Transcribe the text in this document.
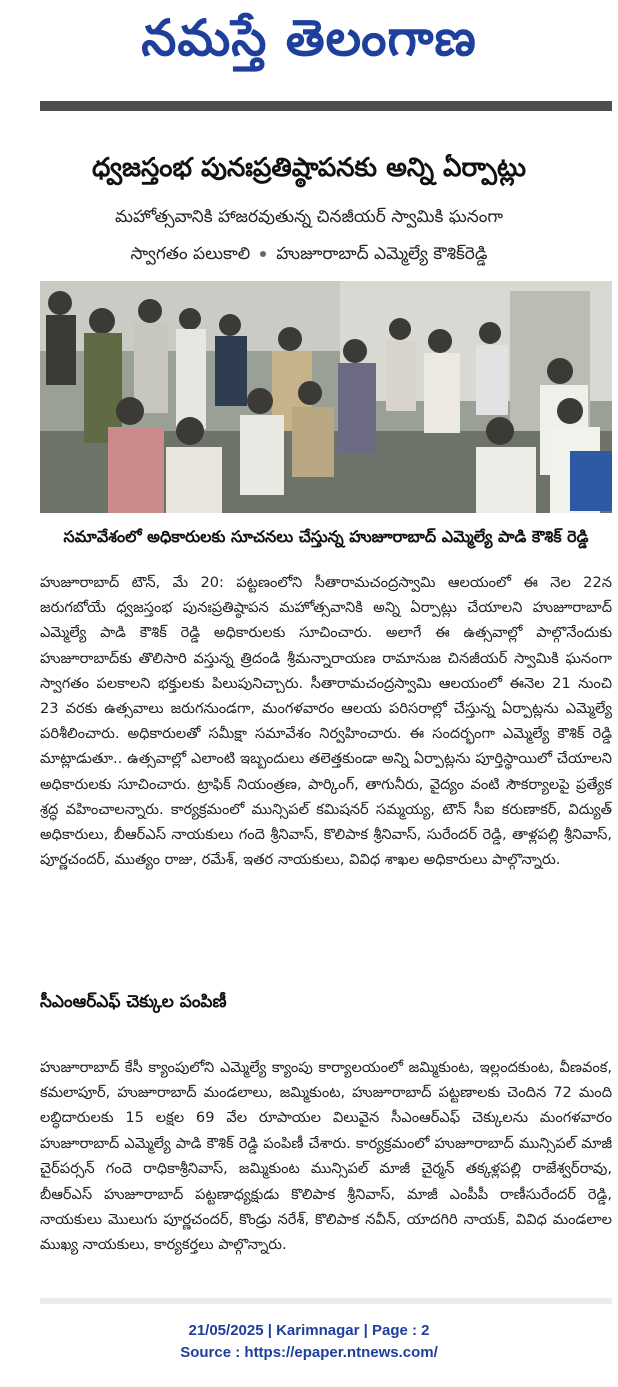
నమస్తే తెలంగాణ
ధ్వజస్తంభ పునఃప్రతిష్ఠాపనకు అన్ని ఏర్పాట్లు
మహోత్సవానికి హాజరవుతున్న చినజీయర్ స్వామికి ఘనంగా
స్వాగతం పలుకాలి హుజూరాబాద్ ఎమ్మెల్యే కౌశిక్‌రెడ్డి
సమావేశంలో అధికారులకు సూచనలు చేస్తున్న హుజూరాబాద్ ఎమ్మెల్యే పాడి కౌశిక్ రెడ్డి

హుజూరాబాద్ టౌన్, మే 20: పట్టణంలోని సీతారామచంద్రస్వామి ఆలయంలో ఈ నెల 22న జరుగబోయే ధ్వజస్తంభ పునఃప్రతిష్ఠాపన మహోత్సవానికి అన్ని ఏర్పాట్లు చేయాలని హుజూరాబాద్ ఎమ్మెల్యే పాడి కౌశిక్ రెడ్డి అధికారులకు సూచించారు. అలాగే ఈ ఉత్సవాల్లో పాల్గొనేందుకు హుజూరాబాద్‌కు తొలిసారి వస్తున్న త్రిదండి శ్రీమన్నారాయణ రామానుజ చినజీయర్ స్వామికి ఘనంగా స్వాగతం పలకాలని భక్తులకు పిలుపునిచ్చారు. సీతారామచంద్రస్వామి ఆలయంలో ఈనెల 21 నుంచి 23 వరకు ఉత్సవాలు జరుగనుండగా, మంగళవారం ఆలయ పరిసరాల్లో చేస్తున్న ఏర్పాట్లను ఎమ్మెల్యే పరిశీలించారు. అధికారులతో సమీక్షా సమావేశం నిర్వహించారు. ఈ సందర్భంగా ఎమ్మెల్యే కౌశిక్ రెడ్డి మాట్లాడుతూ.. ఉత్సవాల్లో ఎలాంటి ఇబ్బందులు తలెత్తకుండా అన్ని ఏర్పాట్లను పూర్తిస్థాయిలో చేయాలని అధికారులకు సూచించారు. ట్రాఫిక్ నియంత్రణ, పార్కింగ్, తాగునీరు, వైద్యం వంటి సౌకర్యాలపై ప్రత్యేక శ్రద్ధ వహించాలన్నారు. కార్యక్రమంలో మున్సిపల్ కమిషనర్ సమ్మయ్య, టౌన్ సీఐ కరుణాకర్, విద్యుత్ అధికారులు, బీఆర్ఎస్ నాయకులు గందె శ్రీనివాస్, కొలిపాక శ్రీనివాస్, సురేందర్ రెడ్డి, తాళ్లపల్లి శ్రీనివాస్, పూర్ణచందర్, ముత్యం రాజు, రమేశ్, ఇతర నాయకులు, వివిధ శాఖల అధికారులు పాల్గొన్నారు.

సీఎంఆర్ఎఫ్ చెక్కుల పంపిణీ

హుజూరాబాద్ కేసీ క్యాంపులోని ఎమ్మెల్యే క్యాంపు కార్యాలయంలో జమ్మికుంట, ఇల్లందకుంట, వీణవంక, కమలాపూర్, హుజూరాబాద్ మండలాలు, జమ్మికుంట, హుజూరాబాద్ పట్టణాలకు చెందిన 72 మంది లబ్ధిదారులకు 15 లక్షల 69 వేల రూపాయల విలువైన సీఎంఆర్ఎఫ్ చెక్కులను మంగళవారం హుజూరాబాద్ ఎమ్మెల్యే పాడి కౌశిక్ రెడ్డి పంపిణీ చేశారు. కార్యక్రమంలో హుజూరాబాద్ మున్సిపల్ మాజీ చైర్‌పర్సన్ గందె రాధికాశ్రీనివాస్, జమ్మికుంట మున్సిపల్ మాజీ చైర్మన్ తక్కళ్లపల్లి రాజేశ్వర్‌రావు, బీఆర్ఎస్ హుజూరాబాద్ పట్టణాధ్యక్షుడు కొలిపాక శ్రీనివాస్, మాజీ ఎంపీపీ రాణీసురేందర్ రెడ్డి, నాయకులు మొలుగు పూర్ణచందర్, కొండ్రు నరేశ్, కొలిపాక నవీన్, యాదగిరి నాయక్, వివిధ మండలాల ముఖ్య నాయకులు, కార్యకర్తలు పాల్గొన్నారు.

21/05/2025 | Karimnagar | Page : 2
Source : https://epaper.ntnews.com/
